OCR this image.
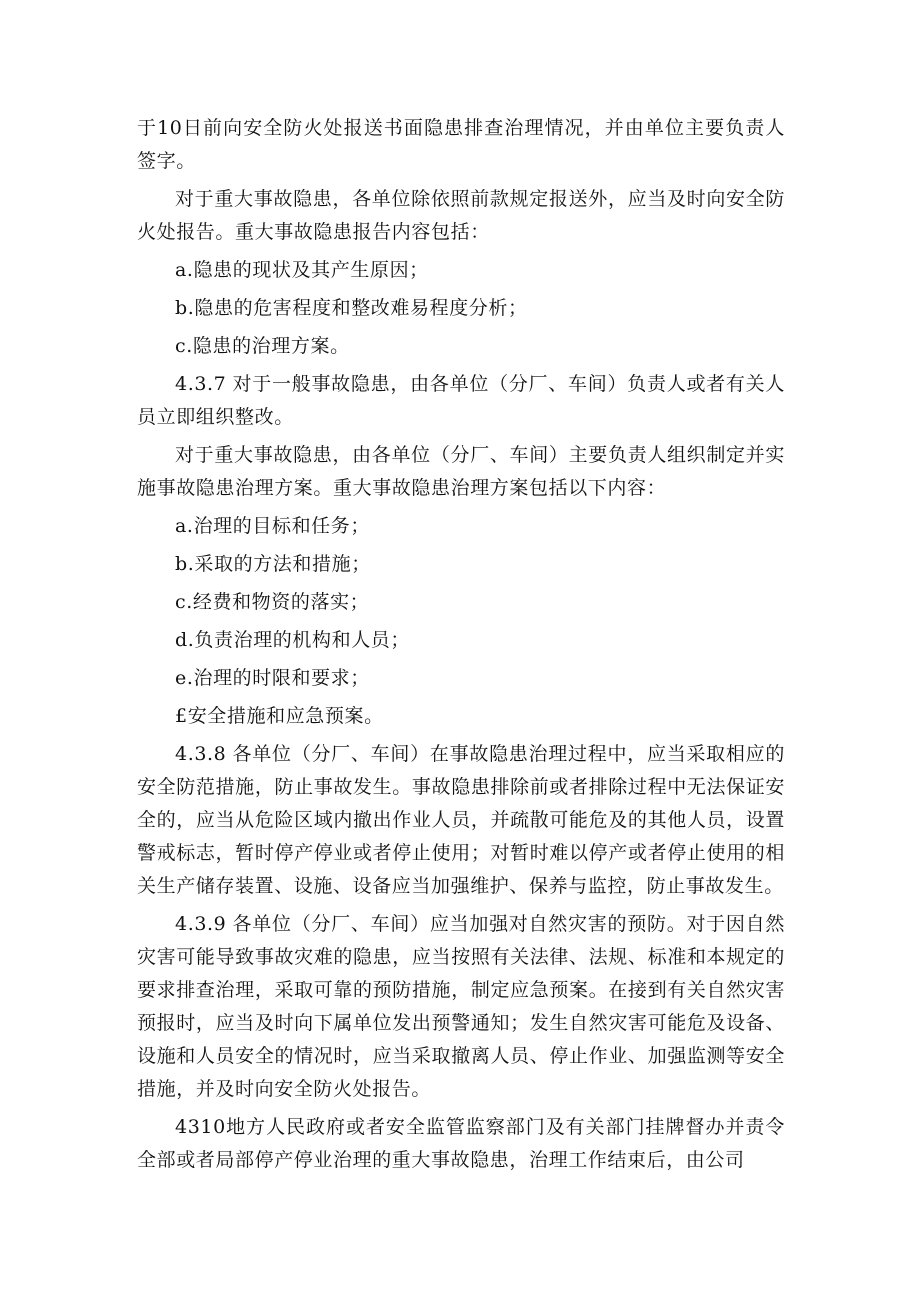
于10日前向安全防火处报送书面隐患排查治理情况，并由单位主要负责人签字。

对于重大事故隐患，各单位除依照前款规定报送外，应当及时向安全防火处报告。重大事故隐患报告内容包括：

a.隐患的现状及其产生原因；

b.隐患的危害程度和整改难易程度分析；

c.隐患的治理方案。

4.3.7 对于一般事故隐患，由各单位（分厂、车间）负责人或者有关人员立即组织整改。

对于重大事故隐患，由各单位（分厂、车间）主要负责人组织制定并实施事故隐患治理方案。重大事故隐患治理方案包括以下内容：

a.治理的目标和任务；

b.采取的方法和措施；

c.经费和物资的落实；

d.负责治理的机构和人员；

e.治理的时限和要求；

£安全措施和应急预案。

4.3.8 各单位（分厂、车间）在事故隐患治理过程中，应当采取相应的安全防范措施，防止事故发生。事故隐患排除前或者排除过程中无法保证安全的，应当从危险区域内撤出作业人员，并疏散可能危及的其他人员，设置警戒标志，暂时停产停业或者停止使用；对暂时难以停产或者停止使用的相关生产储存装置、设施、设备应当加强维护、保养与监控，防止事故发生。

4.3.9 各单位（分厂、车间）应当加强对自然灾害的预防。对于因自然灾害可能导致事故灾难的隐患，应当按照有关法律、法规、标准和本规定的要求排查治理，采取可靠的预防措施，制定应急预案。在接到有关自然灾害预报时，应当及时向下属单位发出预警通知；发生自然灾害可能危及设备、设施和人员安全的情况时，应当采取撤离人员、停止作业、加强监测等安全措施，并及时向安全防火处报告。

4310地方人民政府或者安全监管监察部门及有关部门挂牌督办并责令全部或者局部停产停业治理的重大事故隐患，治理工作结束后，由公司
